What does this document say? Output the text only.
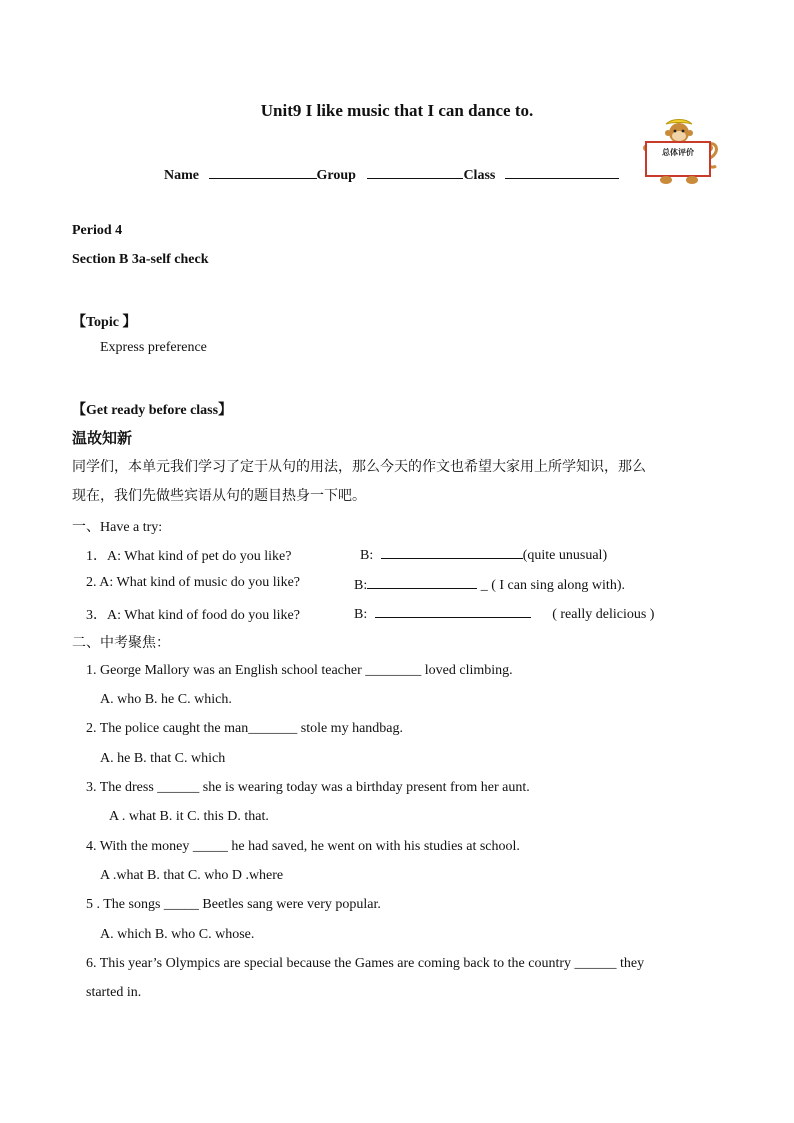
Unit9 I like music that I can dance to.
Name	Group	Class
总体评价
Period 4
Section B 3a-self check
【Topic 】
Express preference
【Get ready before class】
温故知新
同学们，本单元我们学习了定于从句的用法，那么今天的作文也希望大家用上所学知识，那么
现在，我们先做些宾语从句的题目热身一下吧。
一、Have a try:
1．A: What kind of pet do you like?	B:	(quite unusual)
2. A: What kind of music do you like?	B:	_ ( I can sing along with).
3．A: What kind of food do you like?	B:	( really delicious )
二、中考聚焦：
1. George Mallory was an English school teacher ________ loved climbing.
A. who B. he C. which.
2. The police caught the man_______ stole my handbag.
A. he B. that C. which
3. The dress ______ she is wearing today was a birthday present from her aunt.
A . what B. it C. this D. that.
4. With the money _____ he had saved, he went on with his studies at school.
A .what B. that C. who D .where
5 . The songs _____ Beetles sang were very popular.
A. which B. who C. whose.
6. This year’s Olympics are special because the Games are coming back to the country ______ they
started in.
